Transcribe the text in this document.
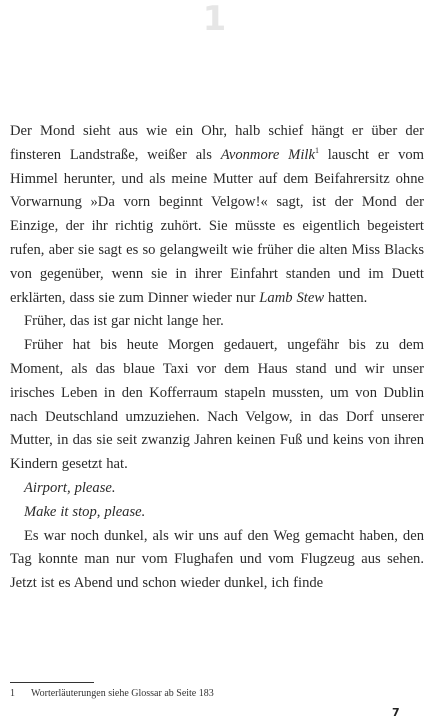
1

Der Mond sieht aus wie ein Ohr, halb schief hängt er über der finsteren Landstraße, weißer als Avonmore Milk$^1$ lauscht er vom Himmel herunter, und als meine Mutter auf dem Beifahrersitz ohne Vorwarnung »Da vorn beginnt Velgow!« sagt, ist der Mond der Einzige, der ihr richtig zuhört. Sie müsste es eigentlich begeistert rufen, aber sie sagt es so gelangweilt wie früher die alten Miss Blacks von gegenüber, wenn sie in ihrer Einfahrt standen und im Duett erklärten, dass sie zum Dinner wieder nur Lamb Stew hatten.

Früher, das ist gar nicht lange her.

Früher hat bis heute Morgen gedauert, ungefähr bis zu dem Moment, als das blaue Taxi vor dem Haus stand und wir unser irisches Leben in den Kofferraum stapeln mussten, um von Dublin nach Deutschland umzuziehen. Nach Velgow, in das Dorf unserer Mutter, in das sie seit zwanzig Jahren keinen Fuß und keins von ihren Kindern gesetzt hat.

Airport, please.

Make it stop, please.

Es war noch dunkel, als wir uns auf den Weg gemacht haben, den Tag konnte man nur vom Flughafen und vom Flugzeug aus sehen. Jetzt ist es Abend und schon wieder dunkel, ich finde

1 Worterläuterungen siehe Glossar ab Seite 183
7
